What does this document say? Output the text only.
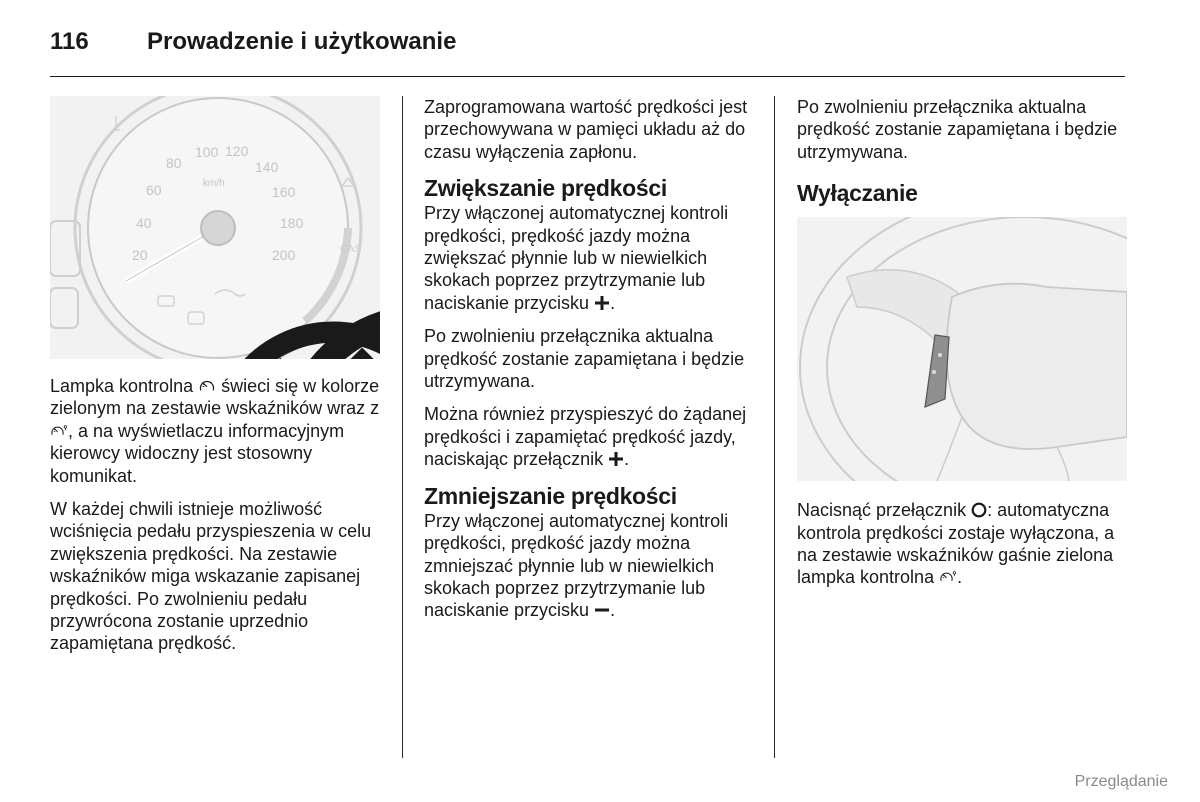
116 Prowadzenie i użytkowanie
100 120
140
80
160
60
180
40
200
20
km/h
GAS

Lampka kontrolna świeci się w kolorze zielonym na zestawie wskaźników wraz z , a na wyświetlaczu informacyjnym kierowcy widoczny jest stosowny komunikat.

W każdej chwili istnieje możliwość wciśnięcia pedału przyspieszenia w celu zwiększenia prędkości. Na zestawie wskaźników miga wskazanie zapisanej prędkości. Po zwolnieniu pedału przywrócona zostanie uprzednio zapamiętana prędkość.

Zaprogramowana wartość prędkości jest przechowywana w pamięci układu aż do czasu wyłączenia zapłonu.

Zwiększanie prędkości

Przy włączonej automatycznej kontroli prędkości, prędkość jazdy można zwiększać płynnie lub w niewielkich skokach poprzez przytrzymanie lub naciskanie przycisku .

Po zwolnieniu przełącznika aktualna prędkość zostanie zapamiętana i będzie utrzymywana.

Można również przyspieszyć do żądanej prędkości i zapamiętać prędkość jazdy, naciskając przełącznik .

Zmniejszanie prędkości

Przy włączonej automatycznej kontroli prędkości, prędkość jazdy można zmniejszać płynnie lub w niewielkich skokach poprzez przytrzymanie lub naciskanie przycisku .

Po zwolnieniu przełącznika aktualna prędkość zostanie zapamiętana i będzie utrzymywana.

Wyłączanie

Nacisnąć przełącznik : automatyczna kontrola prędkości zostaje wyłączona, a na zestawie wskaźników gaśnie zielona lampka kontrolna .

Przeglądanie
